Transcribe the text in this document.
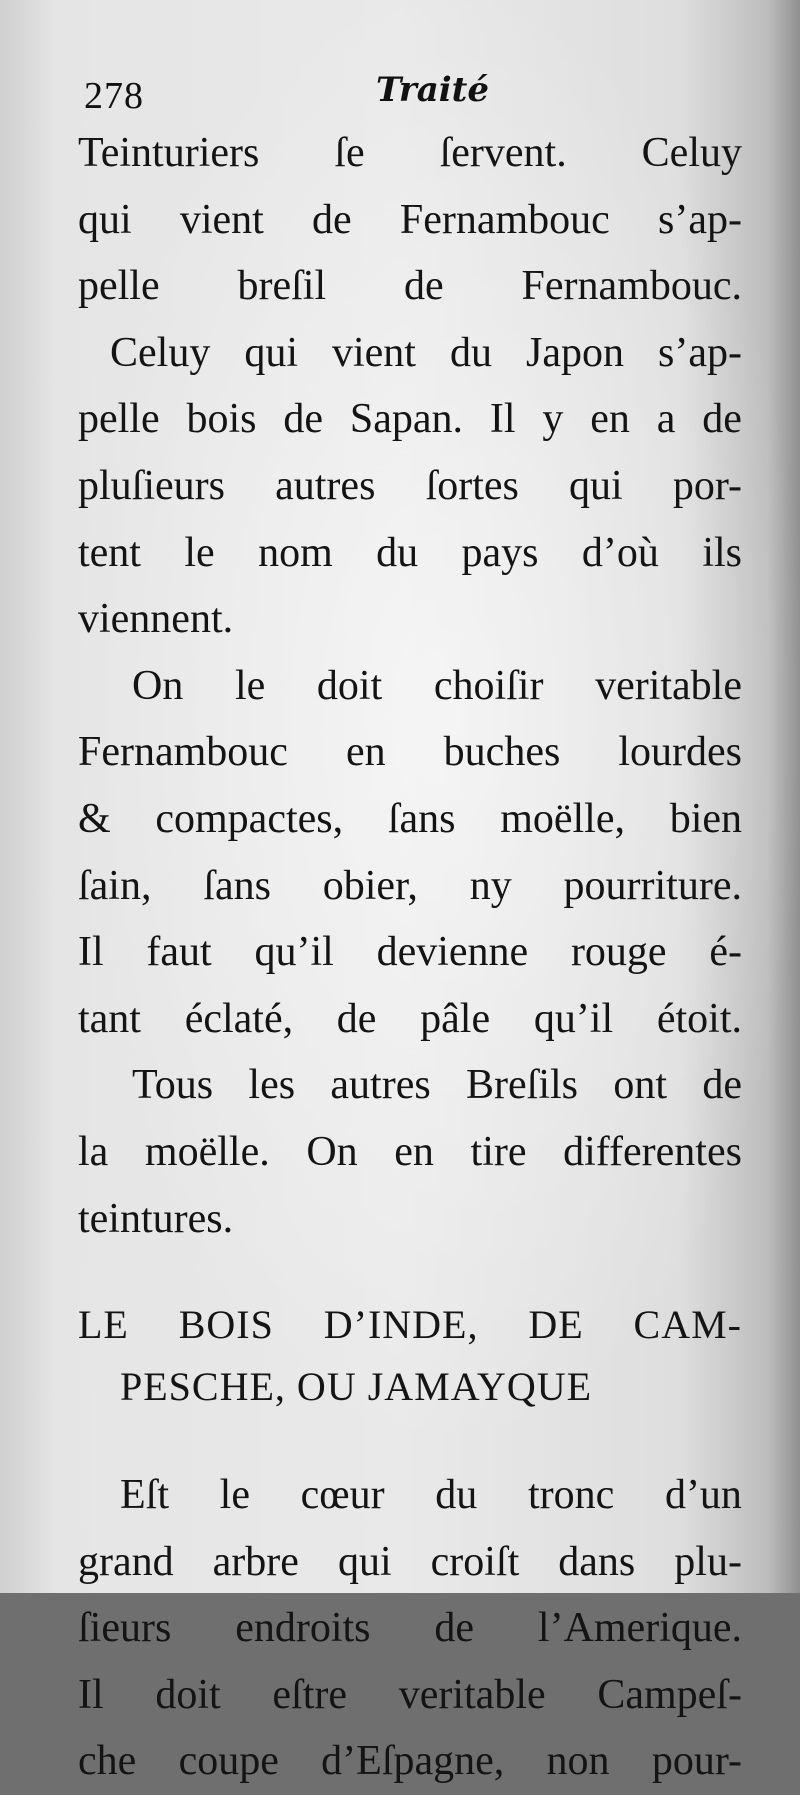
278	Traité
Teinturiers ſe ſervent. Celuy
qui vient de Fernambouc s’ap-
pelle breſil de Fernambouc.
Celuy qui vient du Japon s’ap-
pelle bois de Sapan. Il y en a de
pluſieurs autres ſortes qui por-
tent le nom du pays d’où ils
viennent.
On le doit choiſir veritable
Fernambouc en buches lourdes
& compactes, ſans moëlle, bien
ſain, ſans obier, ny pourriture.
Il faut qu’il devienne rouge é-
tant éclaté, de pâle qu’il étoit.
Tous les autres Breſils ont de
la moëlle. On en tire differentes
teintures.
LE BOIS D’INDE, DE CAM-
PESCHE, OU JAMAYQUE
Eſt le cœur du tronc d’un
grand arbre qui croiſt dans plu-
ſieurs endroits de l’Amerique.
Il doit eſtre veritable Campeſ-
che coupe d’Eſpagne, non pour-
